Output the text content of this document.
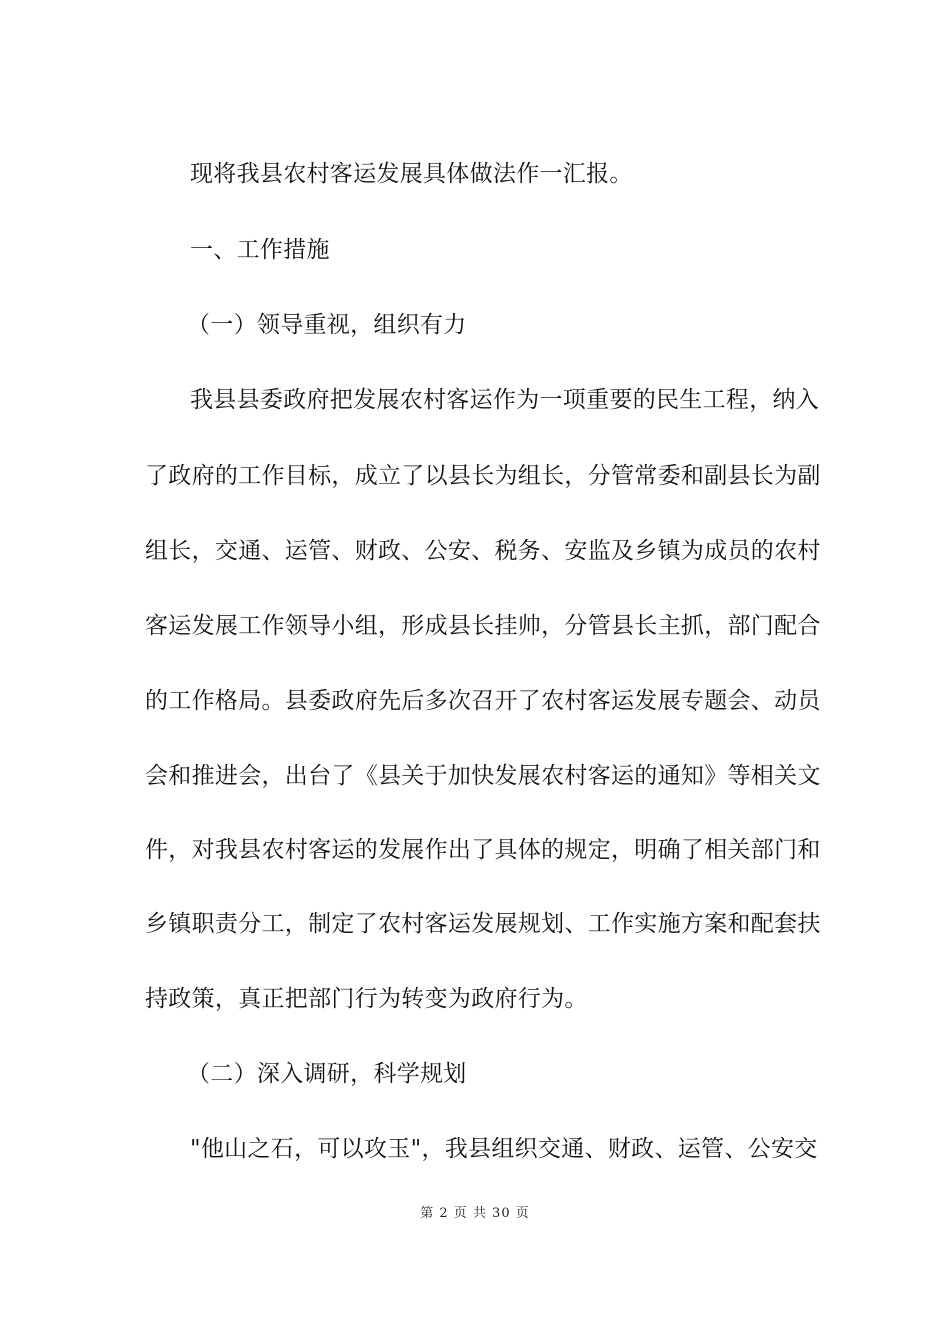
现将我县农村客运发展具体做法作一汇报。

一、工作措施

（一）领导重视，组织有力

我县县委政府把发展农村客运作为一项重要的民生工程，纳入

了政府的工作目标，成立了以县长为组长，分管常委和副县长为副

组长，交通、运管、财政、公安、税务、安监及乡镇为成员的农村

客运发展工作领导小组，形成县长挂帅，分管县长主抓，部门配合

的工作格局。县委政府先后多次召开了农村客运发展专题会、动员

会和推进会，出台了《县关于加快发展农村客运的通知》等相关文

件，对我县农村客运的发展作出了具体的规定，明确了相关部门和

乡镇职责分工，制定了农村客运发展规划、工作实施方案和配套扶

持政策，真正把部门行为转变为政府行为。

（二）深入调研，科学规划

"他山之石，可以攻玉"，我县组织交通、财政、运管、公安交

第 2 页 共 30 页
